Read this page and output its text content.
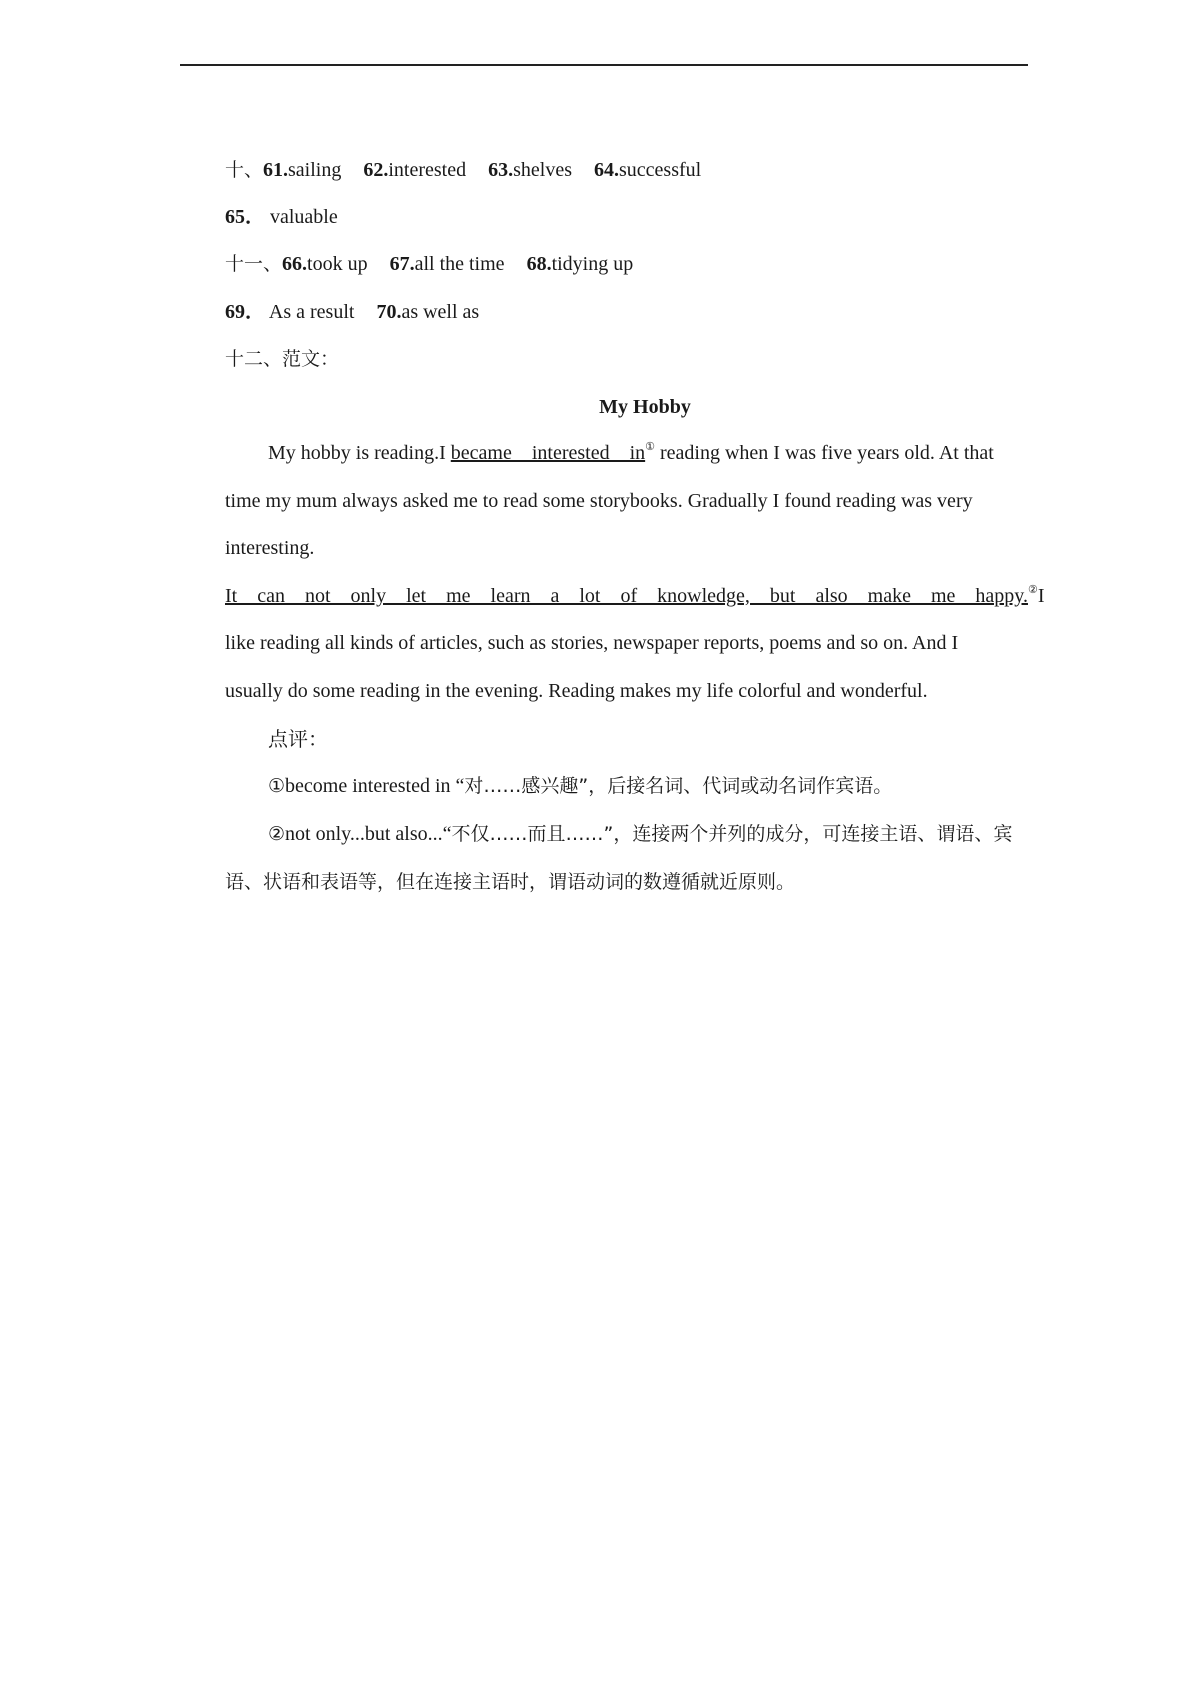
十、61.sailing 62.interested 63.shelves 64.successful
65． valuable
十一、66.took up 67.all the time 68.tidying up
69． As a result 70.as well as
十二、范文：
My Hobby
My hobby is reading.I became　interested　in① reading when I was five years old. At that time my mum always asked me to read some storybooks. Gradually I found reading was very interesting. It　can　not　only　let　me　learn　a　lot　of　knowledge,　but　also　make　me　happy.②I like reading all kinds of articles, such as stories, newspaper reports, poems and so on. And I usually do some reading in the evening. Reading makes my life colorful and wonderful.
点评：
①become interested in “对……感兴趣”，后接名词、代词或动名词作宾语。
②not only...but also...“不仅……而且……”，连接两个并列的成分，可连接主语、谓语、宾语、状语和表语等，但在连接主语时，谓语动词的数遵循就近原则。
